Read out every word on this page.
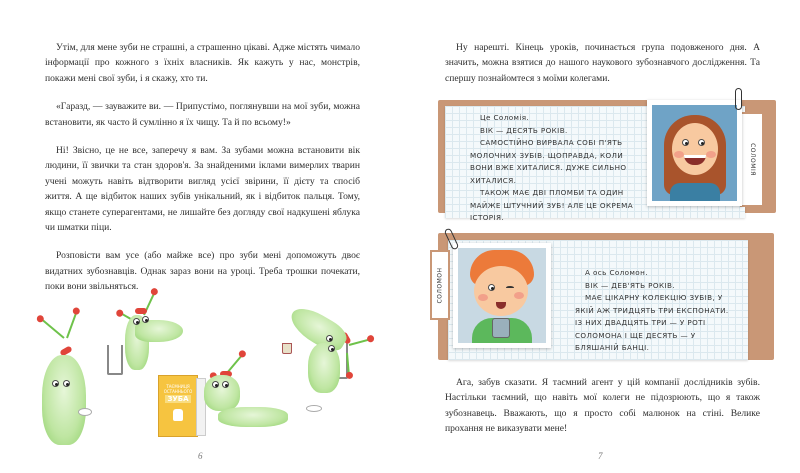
Утім, для мене зуби не страшні, а страшенно цікаві. Адже містять чимало інформації про кожного з їхніх власників. Як кажуть у нас, монстрів, покажи мені свої зуби, і я скажу, хто ти.

«Гаразд, — зауважите ви. — Припустімо, поглянувши на мої зуби, можна встановити, як часто й сумлінно я їх чищу. Та й по всьому!»

Ні! Звісно, це не все, заперечу я вам. За зубами можна встановити вік людини, її звички та стан здоров'я. За знайденими іклами вимерлих тварин учені можуть навіть відтворити вигляд усієї звірини, її дієту та спосіб життя. А ще відбиток наших зубів унікальний, як і відбиток пальця. Тому, якщо станете суперагентами, не лишайте без догляду свої надкушені яблука чи шматки піци.

Розповісти вам усе (або майже все) про зуби мені допоможуть двоє видатних зубознавців. Однак зараз вони на уроці. Треба трошки почекати, поки вони звільняться.

ТАЄМНИЦЯ
ОСТАННЬОГО
ЗУБА
6

Ну нарешті. Кінець уроків, починається група подовженого дня. А значить, можна взятися до нашого наукового зубознавчого дослідження. Та спершу познайомтеся з моїми колегами.

Це Соломія.

ВІК — ДЕСЯТЬ РОКІВ.

САМОСТІЙНО ВИРВАЛА СОБІ П'ЯТЬ МОЛОЧНИХ ЗУБІВ. ЩОПРАВДА, КОЛИ ВОНИ ВЖЕ ХИТАЛИСЯ. ДУЖЕ СИЛЬНО ХИТАЛИСЯ.

ТАКОЖ МАЄ ДВІ ПЛОМБИ ТА ОДИН МАЙЖЕ ШТУЧНИЙ ЗУБ! АЛЕ ЦЕ ОКРЕМА ІСТОРІЯ.

СОЛОМІЯ
СОЛОМОН	А ось Соломон.

ВІК — ДЕВ'ЯТЬ РОКІВ.

МАЄ ЦІКАРНУ КОЛЕКЦІЮ ЗУБІВ, У ЯКІЙ АЖ ТРИДЦЯТЬ ТРИ ЕКСПОНАТИ. ІЗ НИХ ДВАДЦЯТЬ ТРИ — У РОТІ СОЛОМОНА І ЩЕ ДЕСЯТЬ — У БЛЯШАНІЙ БАНЦІ.

Ага, забув сказати. Я таємний агент у цій компанії дослідників зубів. Настільки таємний, що навіть мої колеги не підозрюють, що я також зубознавець. Вважають, що я просто собі малюнок на стіні. Велике прохання не виказувати мене!

7
